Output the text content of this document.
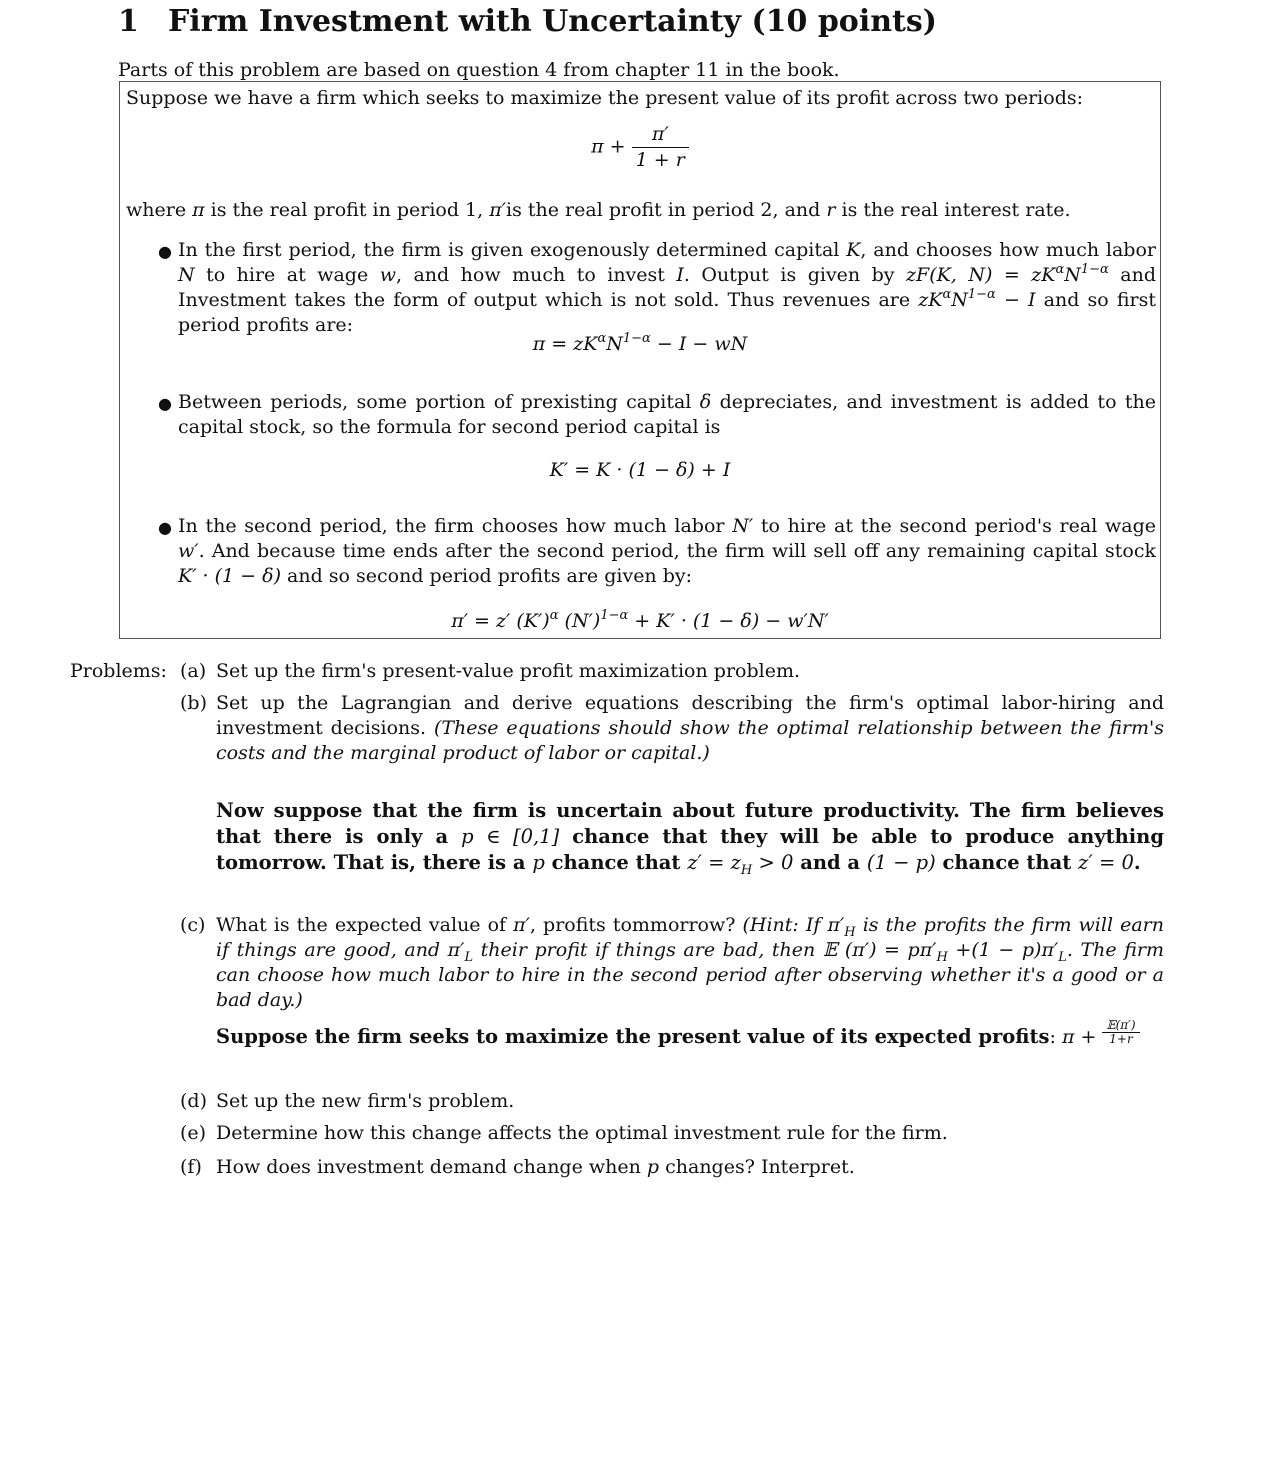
1 Firm Investment with Uncertainty (10 points)
Parts of this problem are based on question 4 from chapter 11 in the book.
Suppose we have a firm which seeks to maximize the present value of its profit across two periods:
$\pi + \frac{\pi'}{1 + r}$
where π is the real profit in period 1, π′is the real profit in period 2, and r is the real interest rate.
● In the first period, the firm is given exogenously determined capital K, and chooses how much labor N to hire at wage w, and how much to invest I. Output is given by zF(K, $N) = zK^\alpha N^{1-\alpha}$ and Investment takes the form of output which is not sold. Thus revenues are $zK^\alpha N^{1-\alpha} - I$ and so first period profits are:
$\pi = zK^\alpha N^{1-\alpha} - I$ − wN
● Between periods, some portion of prexisting capital δ depreciates, and investment is added to the capital stock, so the formula for second period capital is
K′ = K · (1 − δ) + I
● In the second period, the firm chooses how much labor N′ to hire at the second period's real wage w′. And because time ends after the second period, the firm will sell off any remaining capital stock K′ · (1 − δ) and so second period profits are given by:
π′ = z′ $(K')^\alpha$ $(N')^{1-\alpha} + K' \cdot (1 - \delta) - w'N'$
Problems: (a) Set up the firm's present-value profit maximization problem.
(b) Set up the Lagrangian and derive equations describing the firm's optimal labor-hiring and investment decisions. (These equations should show the optimal relationship between the firm's costs and the marginal product of labor or capital.)
Now suppose that the firm is uncertain about future productivity. The firm believes that there is only a p ∈ [0,1] chance that they will be able to produce anything tomorrow. That is, there is a p chance that $z' = z_H > 0$ and a (1 − p) chance that z′ = 0.
(c) What is the expected value of π′, profits tommorrow? (Hint: If $\pi'_H$ is the profits the firm will earn if things are good, and $\pi'_L$ their profit if things are bad, then 𝔼 $(\pi') = p\pi'_H +(1 - p)\pi'_L$. The firm can choose how much labor to hire in the second period after observing whether it's a good or a bad day.)
Suppose the firm seeks to maximize the present value of its expected profits: $\pi + \frac{\text{𝔼(π′)}}{1+r}$
(d) Set up the new firm's problem.
(e) Determine how this change affects the optimal investment rule for the firm.
(f) How does investment demand change when p changes? Interpret.
